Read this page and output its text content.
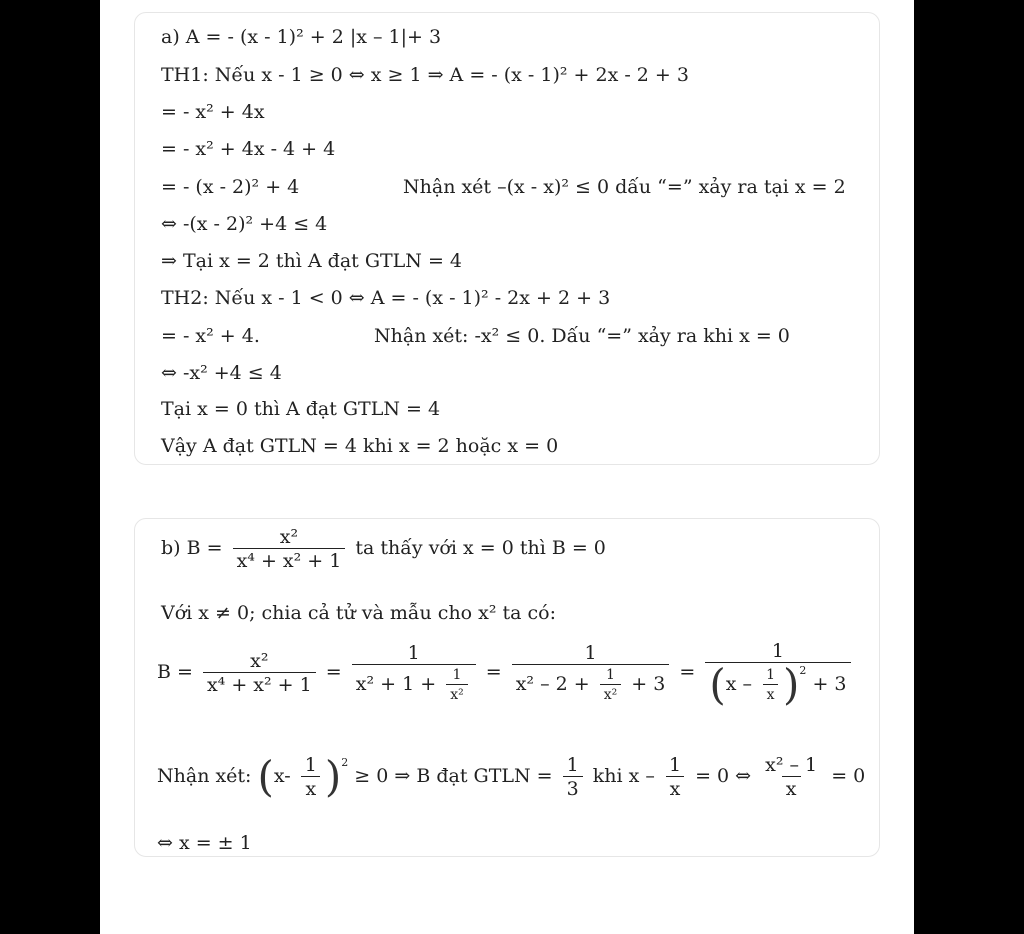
a) A = - (x - 1)² + 2 |x – 1|+ 3
TH1: Nếu x - 1 ≥ 0 ⇔ x ≥ 1 ⇒ A = - (x - 1)² + 2x - 2 + 3
= - x² + 4x
= - x² + 4x - 4 + 4
= - (x - 2)² + 4	Nhận xét –(x - x)² ≤ 0 dấu “=” xảy ra tại x = 2
⇔ -(x - 2)² +4 ≤ 4
⇒ Tại x = 2 thì A đạt GTLN = 4
TH2: Nếu x - 1 < 0 ⇔ A = - (x - 1)² - 2x + 2 + 3
= - x² + 4.	Nhận xét: -x² ≤ 0. Dấu “=” xảy ra khi x = 0
⇔ -x² +4 ≤ 4
Tại x = 0 thì A đạt GTLN = 4
Vậy A đạt GTLN = 4 khi x = 2 hoặc x = 0
b) $B = \frac{\text{x²}}{\text{x⁴ + x² + 1}}$ ta thấy với x = 0 thì B = 0
Với x ≠ 0; chia cả tử và mẫu cho x² ta có:
$B = \frac{\text{x²}}{\text{x⁴ + x² + 1}} = \frac{1}{x^2 + 1 + \frac{1}{\text{x²}}}$ =
1
$x^2 - 2 + \frac{1}{\text{x²}} + 3$
=
1
$(x - \frac{1}{x} )^2 + 3$
Nhận xét: $(x- \frac{1}{x} )^2 \ge 0$ ⇒ B đạt GTLN = $\frac{1}{3}$ khi $x - \frac{1}{x} = 0$ ⇔ $\frac{\text{x² – 1}}{x} = 0$
⇔ x = ± 1
